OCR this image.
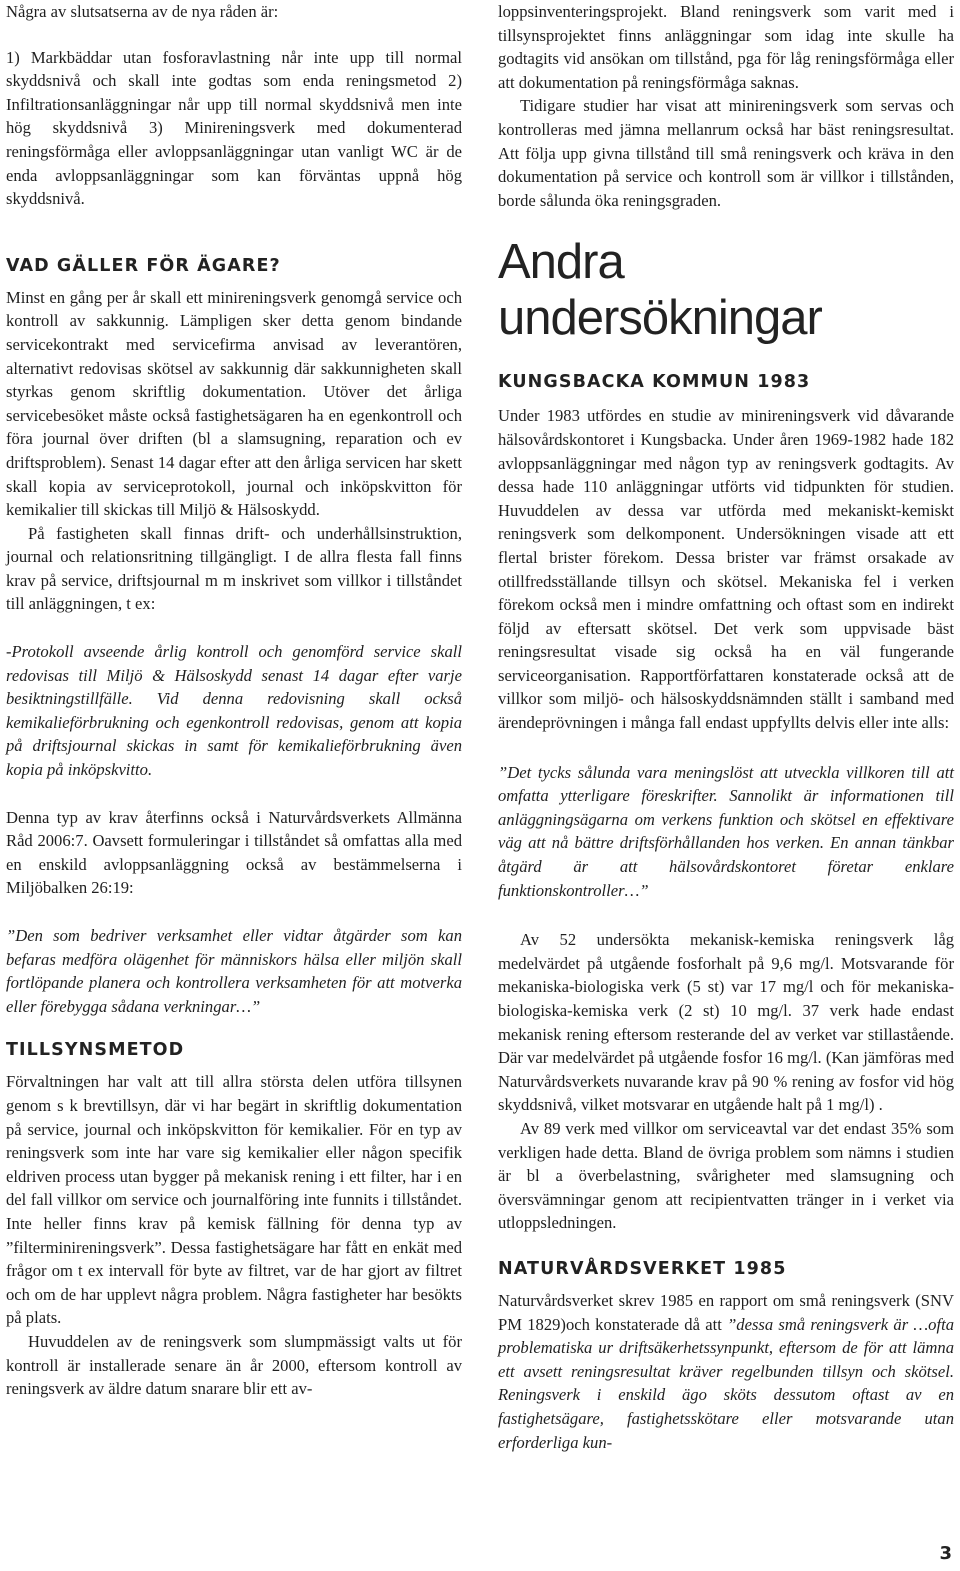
Några av slutsatserna av de nya råden är:

1) Markbäddar utan fosforavlastning når inte upp till normal skyddsnivå och skall inte godtas som enda reningsmetod 2) Infiltrationsanläggningar når upp till normal skyddsnivå men inte hög skyddsnivå 3) Minireningsverk med dokumenterad reningsförmåga eller avloppsanläggningar utan vanligt WC är de enda avloppsanläggningar som kan förväntas uppnå hög skyddsnivå.

VAD GÄLLER FÖR ÄGARE?

Minst en gång per år skall ett minireningsverk genomgå service och kontroll av sakkunnig. Lämpligen sker detta genom bindande servicekontrakt med servicefirma anvisad av leverantören, alternativt redovisas skötsel av sakkunnig där sakkunnigheten skall styrkas genom skriftlig dokumentation. Utöver det årliga servicebesöket måste också fastighetsägaren ha en egenkontroll och föra journal över driften (bl a slamsugning, reparation och ev driftsproblem). Senast 14 dagar efter att den årliga servicen har skett skall kopia av serviceprotokoll, journal och inköpskvitton för kemikalier till skickas till Miljö & Hälsoskydd.

På fastigheten skall finnas drift- och underhållsinstruktion, journal och relationsritning tillgängligt. I de allra flesta fall finns krav på service, driftsjournal m m inskrivet som villkor i tillståndet till anläggningen, t ex:

-Protokoll avseende årlig kontroll och genomförd service skall redovisas till Miljö & Hälsoskydd senast 14 dagar efter varje besiktningstillfälle. Vid denna redovisning skall också kemikalieförbrukning och egenkontroll redovisas, genom att kopia på driftsjournal skickas in samt för kemikalieförbrukning även kopia på inköpskvitto.

Denna typ av krav återfinns också i Naturvårdsverkets Allmänna Råd 2006:7. Oavsett formuleringar i tillståndet så omfattas alla med en enskild avloppsanläggning också av bestämmelserna i Miljöbalken 26:19:

”Den som bedriver verksamhet eller vidtar åtgärder som kan befaras medföra olägenhet för människors hälsa eller miljön skall fortlöpande planera och kontrollera verksamheten för att motverka eller förebygga sådana verkningar…”

TILLSYNSMETOD

Förvaltningen har valt att till allra största delen utföra tillsynen genom s k brevtillsyn, där vi har begärt in skriftlig dokumentation på service, journal och inköpskvitton för kemikalier. För en typ av reningsverk som inte har vare sig kemikalier eller någon specifik eldriven process utan bygger på mekanisk rening i ett filter, har i en del fall villkor om service och journalföring inte funnits i tillståndet. Inte heller finns krav på kemisk fällning för denna typ av ”filterminireningsverk”. Dessa fastighetsägare har fått en enkät med frågor om t ex intervall för byte av filtret, var de har gjort av filtret och om de har upplevt några problem. Några fastigheter har besökts på plats.

Huvuddelen av de reningsverk som slumpmässigt valts ut för kontroll är installerade senare än år 2000, eftersom kontroll av reningsverk av äldre datum snarare blir ett av-

loppsinventeringsprojekt. Bland reningsverk som varit med i tillsynsprojektet finns anläggningar som idag inte skulle ha godtagits vid ansökan om tillstånd, pga för låg reningsförmåga eller att dokumentation på reningsförmåga saknas.

Tidigare studier har visat att minireningsverk som servas och kontrolleras med jämna mellanrum också har bäst reningsresultat. Att följa upp givna tillstånd till små reningsverk och kräva in den dokumentation på service och kontroll som är villkor i tillstånden, borde sålunda öka reningsgraden.

Andra undersökningar
KUNGSBACKA KOMMUN 1983

Under 1983 utfördes en studie av minireningsverk vid dåvarande hälsovårdskontoret i Kungsbacka. Under åren 1969-1982 hade 182 avloppsanläggningar med någon typ av reningsverk godtagits. Av dessa hade 110 anläggningar utförts vid tidpunkten för studien. Huvuddelen av dessa var utförda med mekaniskt-kemiskt reningsverk som delkomponent. Undersökningen visade att ett flertal brister förekom. Dessa brister var främst orsakade av otillfredsställande tillsyn och skötsel. Mekaniska fel i verken förekom också men i mindre omfattning och oftast som en indirekt följd av eftersatt skötsel. Det verk som uppvisade bäst reningsresultat visade sig också ha en väl fungerande serviceorganisation. Rapportförfattaren konstaterade också att de villkor som miljö- och hälsoskyddsnämnden ställt i samband med ärendeprövningen i många fall endast uppfyllts delvis eller inte alls:

”Det tycks sålunda vara meningslöst att utveckla villkoren till att omfatta ytterligare föreskrifter. Sannolikt är informationen till anläggningsägarna om verkens funktion och skötsel en effektivare väg att nå bättre driftsförhållanden hos verken. En annan tänkbar åtgärd är att hälsovårdskontoret företar enklare funktionskontroller…”

Av 52 undersökta mekanisk-kemiska reningsverk låg medelvärdet på utgående fosforhalt på 9,6 mg/l. Motsvarande för mekaniska-biologiska verk (5 st) var 17 mg/l och för mekaniska-biologiska-kemiska verk (2 st) 10 mg/l. 37 verk hade endast mekanisk rening eftersom resterande del av verket var stillastående. Där var medelvärdet på utgående fosfor 16 mg/l. (Kan jämföras med Naturvårdsverkets nuvarande krav på 90 % rening av fosfor vid hög skyddsnivå, vilket motsvarar en utgående halt på 1 mg/l) .

Av 89 verk med villkor om serviceavtal var det endast 35% som verkligen hade detta. Bland de övriga problem som nämns i studien är bl a överbelastning, svårigheter med slamsugning och översvämningar genom att recipientvatten tränger in i verket via utloppsledningen.

NATURVÅRDSVERKET 1985

Naturvårdsverket skrev 1985 en rapport om små reningsverk (SNV PM 1829)och konstaterade då att ”dessa små reningsverk är …ofta problematiska ur driftsäkerhetssynpunkt, eftersom de för att lämna ett avsett reningsresultat kräver regelbunden tillsyn och skötsel. Reningsverk i enskild ägo sköts dessutom oftast av en fastighetsägare, fastighetsskötare eller motsvarande utan erforderliga kun-

3
